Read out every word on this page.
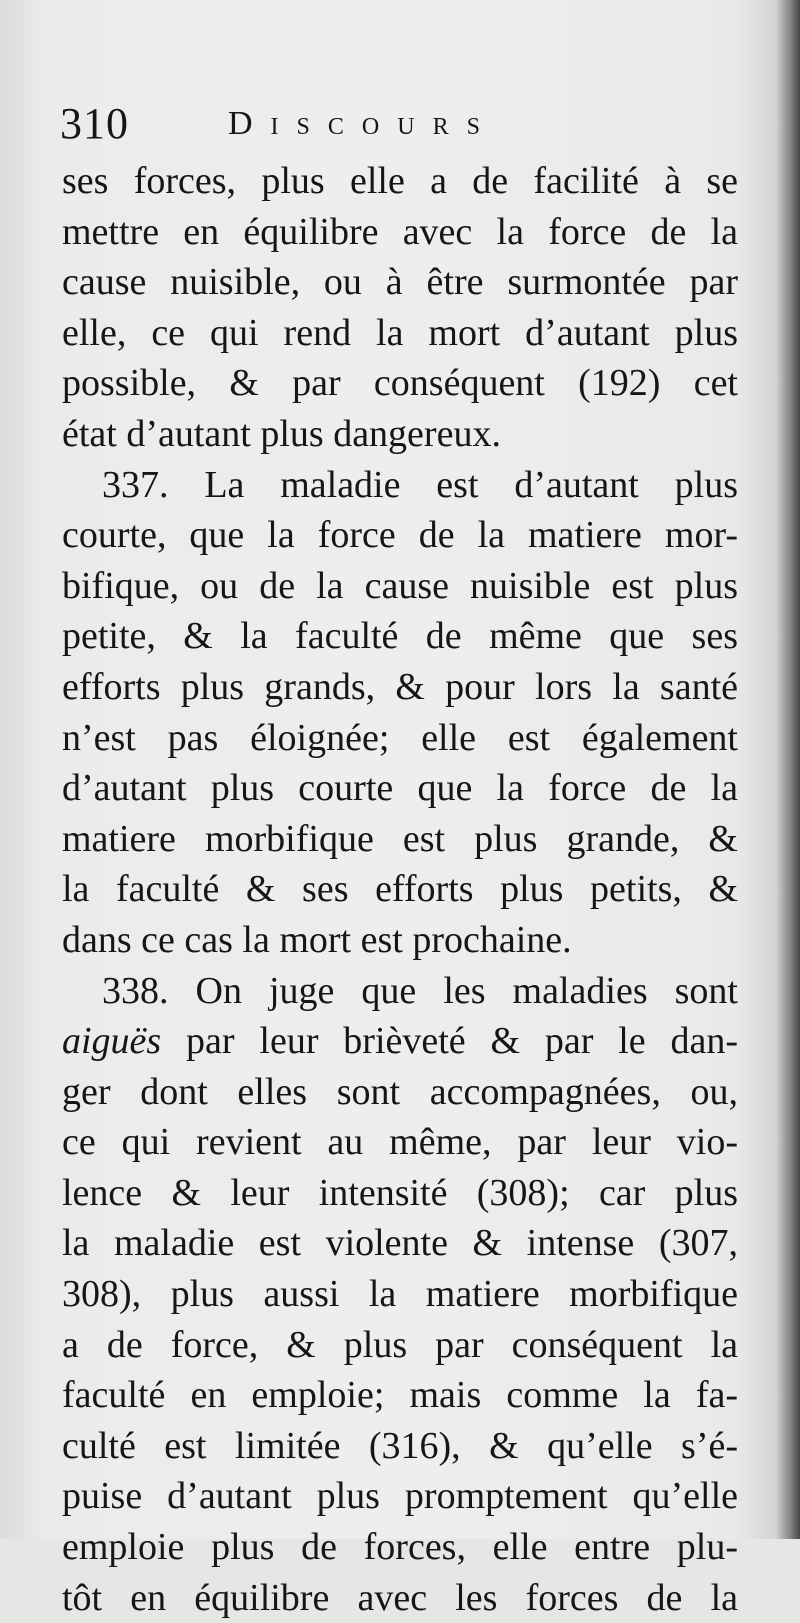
310	Discours
ses forces, plus elle a de facilité à se
mettre en équilibre avec la force de la
cause nuisible, ou à être surmontée par
elle, ce qui rend la mort d’autant plus
possible, & par conséquent (192) cet
état d’autant plus dangereux.
337. La maladie est d’autant plus
courte, que la force de la matiere mor-
bifique, ou de la cause nuisible est plus
petite, & la faculté de même que ses
efforts plus grands, & pour lors la santé
n’est pas éloignée; elle est également
d’autant plus courte que la force de la
matiere morbifique est plus grande, &
la faculté & ses efforts plus petits, &
dans ce cas la mort est prochaine.
338. On juge que les maladies sont
aiguës par leur brièveté & par le dan-
ger dont elles sont accompagnées, ou,
ce qui revient au même, par leur vio-
lence & leur intensité (308); car plus
la maladie est violente & intense (307,
308), plus aussi la matiere morbifique
a de force, & plus par conséquent la
faculté en emploie; mais comme la fa-
culté est limitée (316), & qu’elle s’é-
puise d’autant plus promptement qu’elle
emploie plus de forces, elle entre plu-
tôt en équilibre avec les forces de la
